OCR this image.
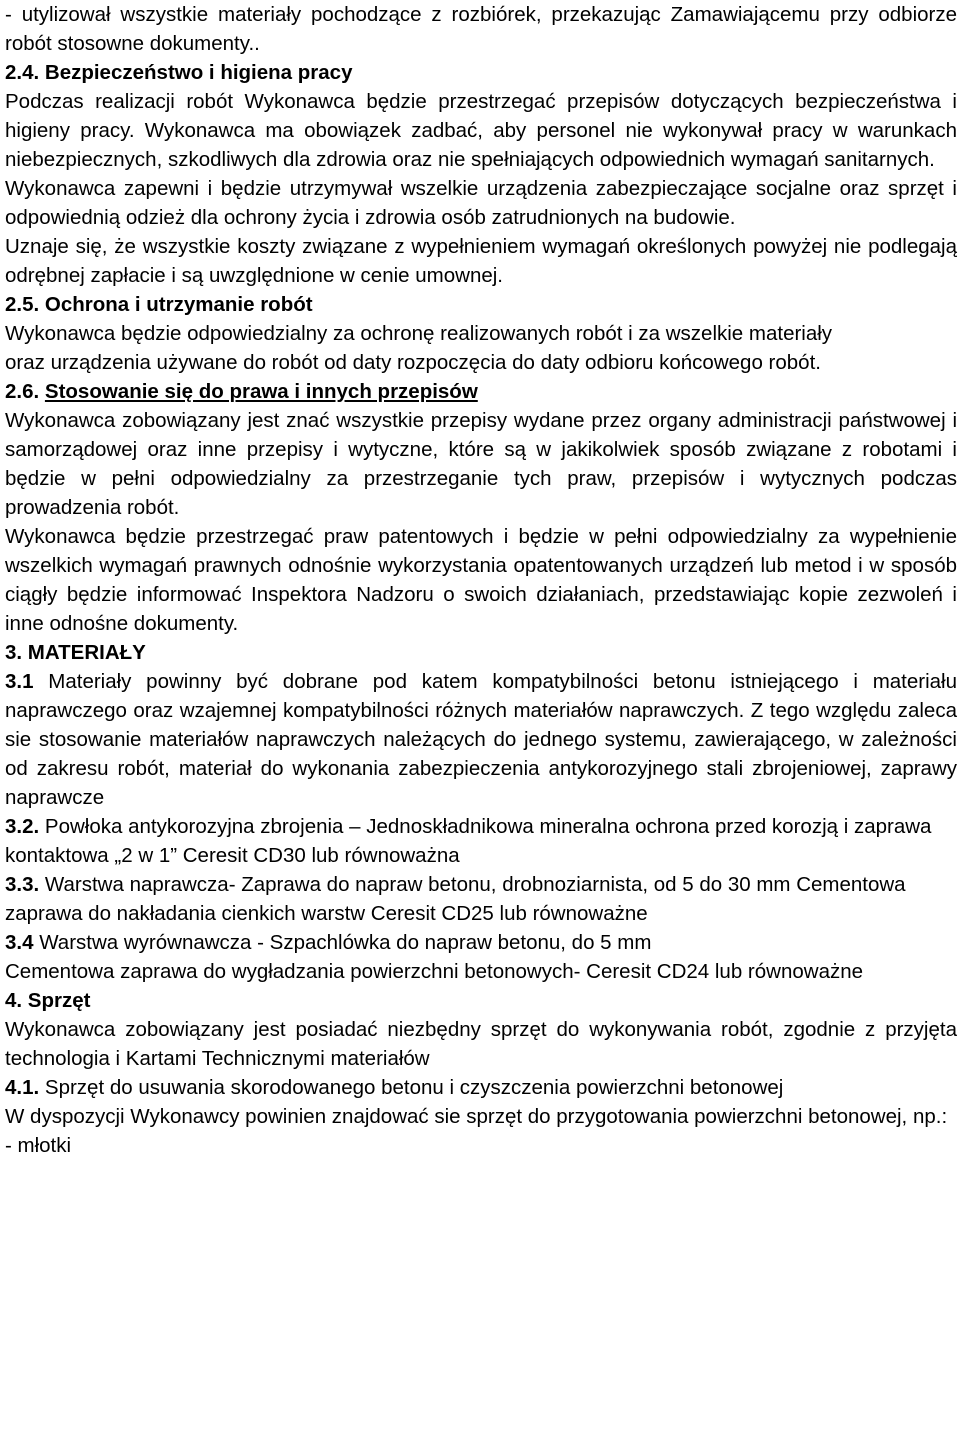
- utylizował wszystkie materiały pochodzące z rozbiórek, przekazując Zamawiającemu przy odbiorze robót stosowne dokumenty..

2.4. Bezpieczeństwo i higiena pracy

Podczas realizacji robót Wykonawca będzie przestrzegać przepisów dotyczących bezpieczeństwa i higieny pracy. Wykonawca ma obowiązek zadbać, aby personel nie wykonywał pracy w warunkach niebezpiecznych, szkodliwych dla zdrowia oraz nie spełniających odpowiednich wymagań sanitarnych.

Wykonawca zapewni i będzie utrzymywał wszelkie urządzenia zabezpieczające socjalne oraz sprzęt i odpowiednią odzież dla ochrony życia i zdrowia osób zatrudnionych na budowie.

Uznaje się, że wszystkie koszty związane z wypełnieniem wymagań określonych powyżej nie podlegają odrębnej zapłacie i są uwzględnione w cenie umownej.

2.5. Ochrona i utrzymanie robót

Wykonawca będzie odpowiedzialny za ochronę realizowanych robót i za wszelkie materiały

oraz urządzenia używane do robót od daty rozpoczęcia do daty odbioru końcowego robót.

2.6. Stosowanie się do prawa i innych przepisów

Wykonawca zobowiązany jest znać wszystkie przepisy wydane przez organy administracji państwowej i samorządowej oraz inne przepisy i wytyczne, które są w jakikolwiek sposób związane z robotami i będzie w pełni odpowiedzialny za przestrzeganie tych praw, przepisów i wytycznych podczas prowadzenia robót.

Wykonawca będzie przestrzegać praw patentowych i będzie w pełni odpowiedzialny za wypełnienie wszelkich wymagań prawnych odnośnie wykorzystania opatentowanych urządzeń lub metod i w sposób ciągły będzie informować Inspektora Nadzoru o swoich działaniach, przedstawiając kopie zezwoleń i inne odnośne dokumenty.

3. MATERIAŁY

3.1 Materiały powinny być dobrane pod katem kompatybilności betonu istniejącego i materiału naprawczego oraz wzajemnej kompatybilności różnych materiałów naprawczych. Z tego względu zaleca sie stosowanie materiałów naprawczych należących do jednego systemu, zawierającego, w zależności od zakresu robót, materiał do wykonania zabezpieczenia antykorozyjnego stali zbrojeniowej, zaprawy naprawcze

3.2. Powłoka antykorozyjna zbrojenia – Jednoskładnikowa mineralna ochrona przed korozją i zaprawa kontaktowa „2 w 1” Ceresit CD30 lub równoważna

3.3. Warstwa naprawcza- Zaprawa do napraw betonu, drobnoziarnista, od 5 do 30 mm Cementowa zaprawa do nakładania cienkich warstw Ceresit CD25 lub równoważne

3.4 Warstwa wyrównawcza - Szpachlówka do napraw betonu, do 5 mm
Cementowa zaprawa do wygładzania powierzchni betonowych- Ceresit CD24 lub równoważne

4. Sprzęt

Wykonawca zobowiązany jest posiadać niezbędny sprzęt do wykonywania robót, zgodnie z przyjęta technologia i Kartami Technicznymi materiałów

4.1. Sprzęt do usuwania skorodowanego betonu i czyszczenia powierzchni betonowej

W dyspozycji Wykonawcy powinien znajdować sie sprzęt do przygotowania powierzchni betonowej, np.:

- młotki
